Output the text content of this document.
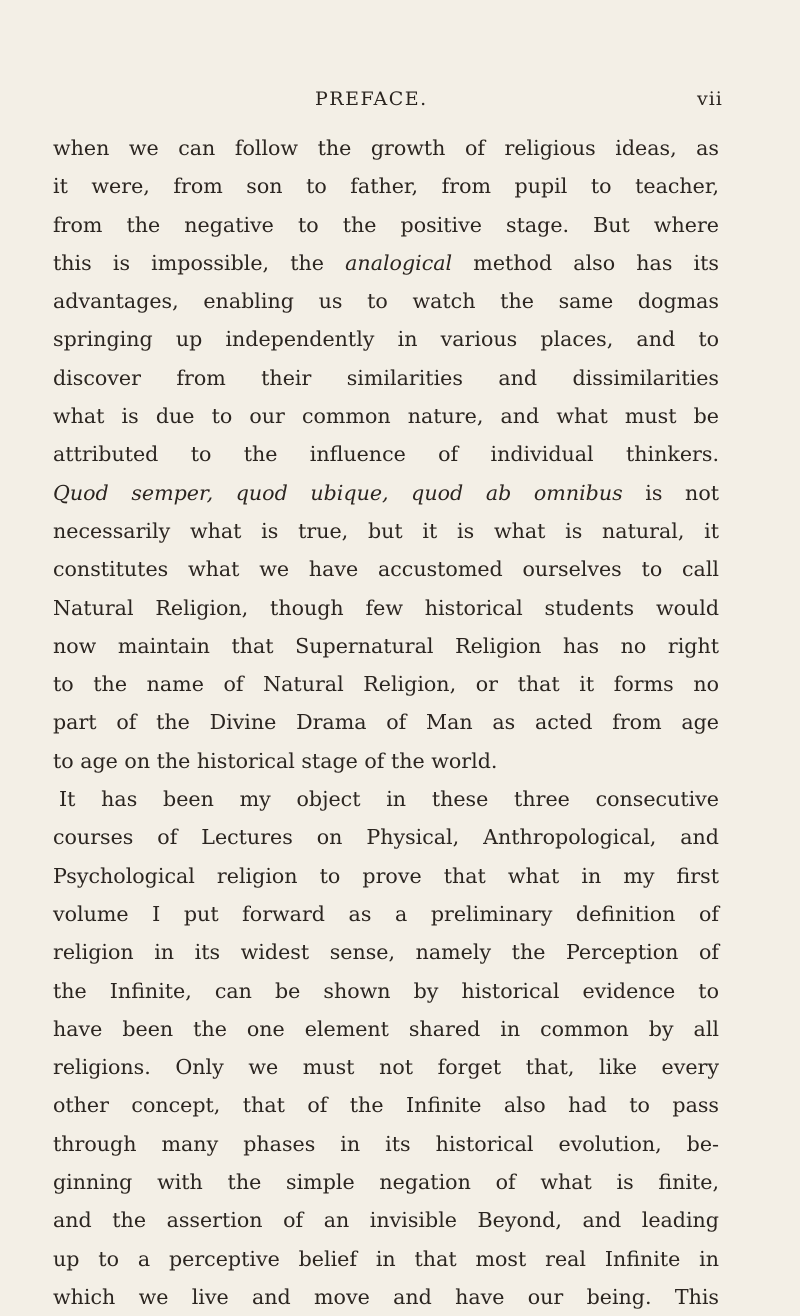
PREFACE.	vii
when we can follow the growth of religious ideas, as
it were, from son to father, from pupil to teacher,
from the negative to the positive stage. But where
this is impossible, the analogical method also has its
advantages, enabling us to watch the same dogmas
springing up independently in various places, and to
discover from their similarities and dissimilarities
what is due to our common nature, and what must be
attributed to the influence of individual thinkers.
Quod semper, quod ubique, quod ab omnibus is not
necessarily what is true, but it is what is natural, it
constitutes what we have accustomed ourselves to call
Natural Religion, though few historical students would
now maintain that Supernatural Religion has no right
to the name of Natural Religion, or that it forms no
part of the Divine Drama of Man as acted from age
to age on the historical stage of the world.
It has been my object in these three consecutive
courses of Lectures on Physical, Anthropological, and
Psychological religion to prove that what in my first
volume I put forward as a preliminary definition of
religion in its widest sense, namely the Perception of
the Infinite, can be shown by historical evidence to
have been the one element shared in common by all
religions. Only we must not forget that, like every
other concept, that of the Infinite also had to pass
through many phases in its historical evolution, be-
ginning with the simple negation of what is finite,
and the assertion of an invisible Beyond, and leading
up to a perceptive belief in that most real Infinite in
which we live and move and have our being. This
